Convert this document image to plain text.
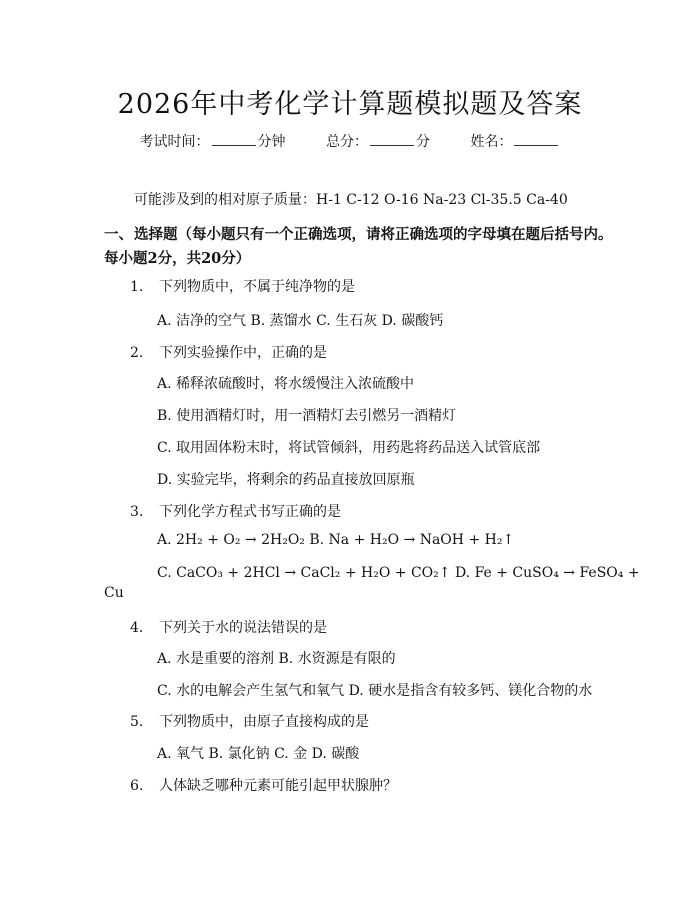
2026年中考化学计算题模拟题及答案
考试时间：	分钟	总分：	分	姓名：
可能涉及到的相对原子质量：H-1 C-12 O-16 Na-23 Cl-35.5 Ca-40
一、选择题（每小题只有一个正确选项，请将正确选项的字母填在题后括号内。每小题2分，共20分）
1. 下列物质中，不属于纯净物的是
A. 洁净的空气 B. 蒸馏水 C. 生石灰 D. 碳酸钙
2. 下列实验操作中，正确的是
A. 稀释浓硫酸时，将水缓慢注入浓硫酸中
B. 使用酒精灯时，用一酒精灯去引燃另一酒精灯
C. 取用固体粉末时，将试管倾斜，用药匙将药品送入试管底部
D. 实验完毕，将剩余的药品直接放回原瓶
3. 下列化学方程式书写正确的是
A. 2H₂ + O₂ → 2H₂O₂ B. Na + H₂O → NaOH + H₂↑
C. CaCO₃ + 2HCl → CaCl₂ + H₂O + CO₂↑ D. Fe + CuSO₄ → FeSO₄ +
Cu
4. 下列关于水的说法错误的是
A. 水是重要的溶剂 B. 水资源是有限的
C. 水的电解会产生氢气和氧气 D. 硬水是指含有较多钙、镁化合物的水
5. 下列物质中，由原子直接构成的是
A. 氧气 B. 氯化钠 C. 金 D. 碳酸
6. 人体缺乏哪种元素可能引起甲状腺肿？
